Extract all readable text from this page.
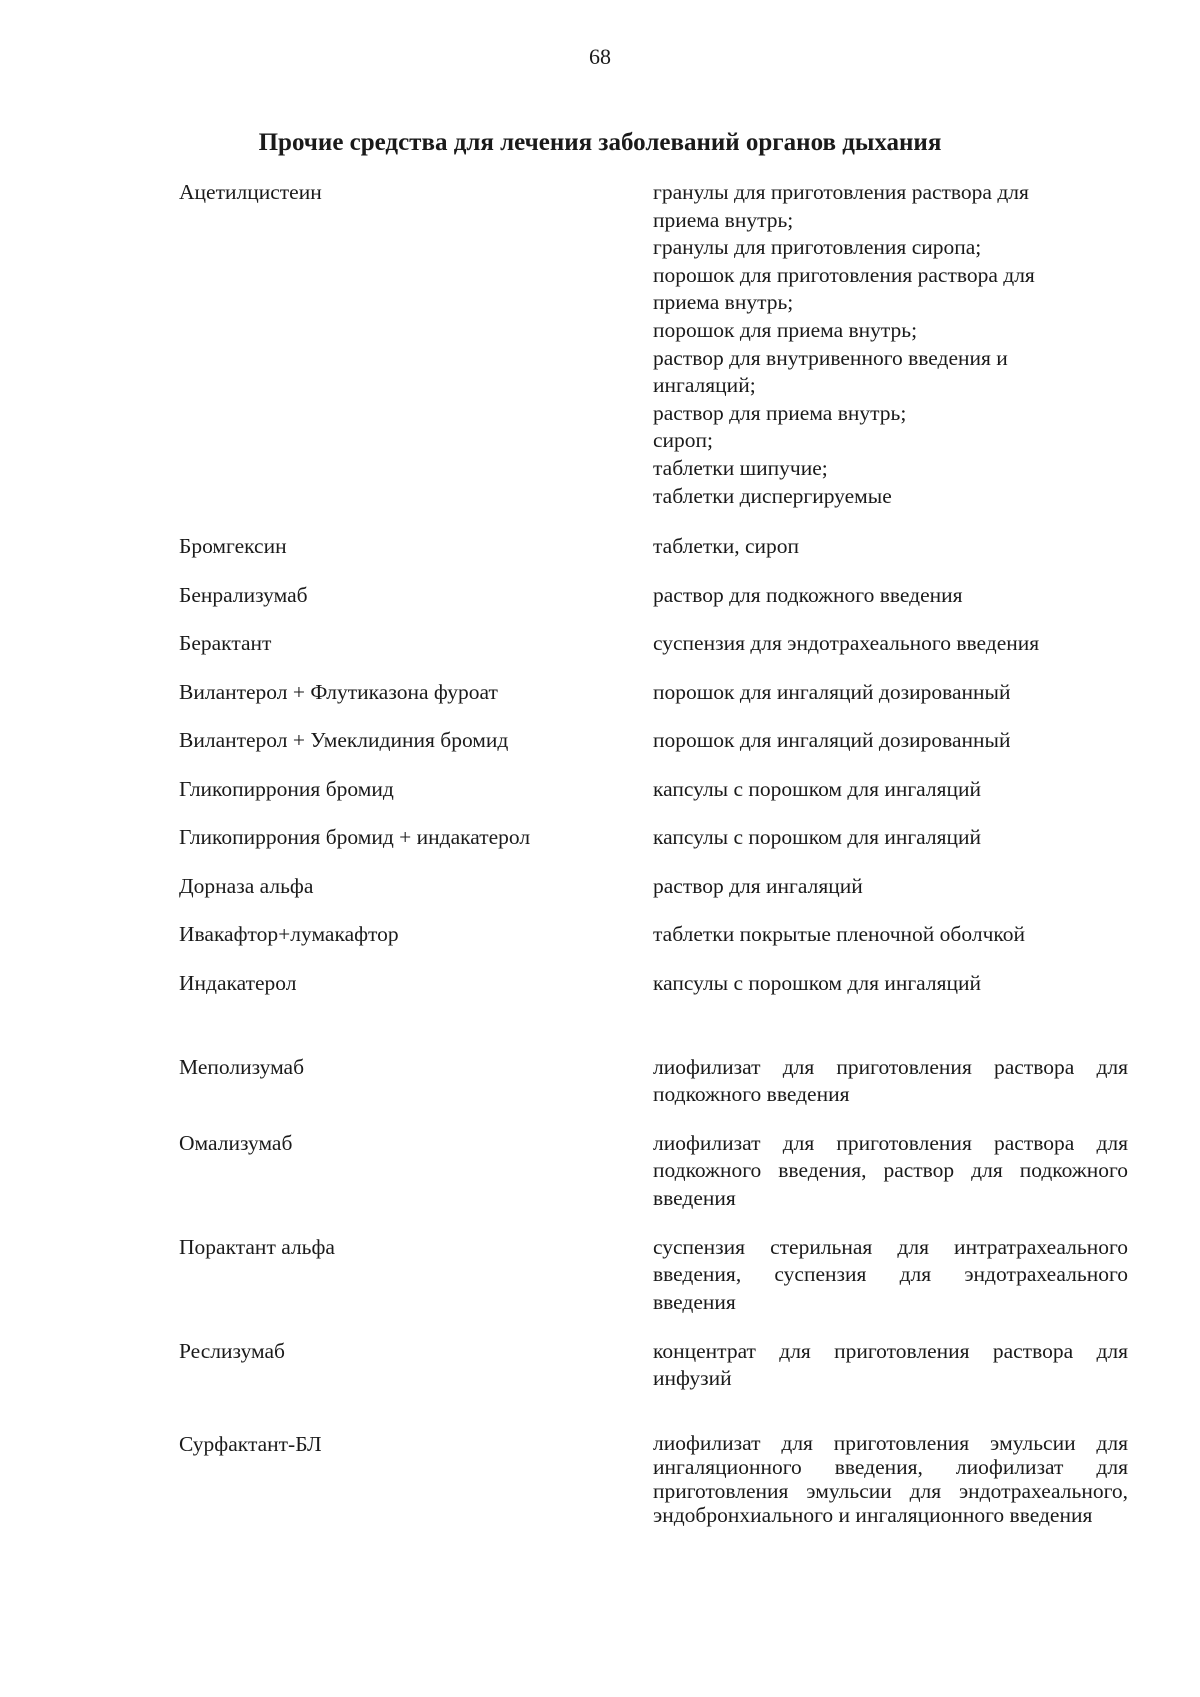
68
Прочие средства для лечения заболеваний органов дыхания
Ацетилцистеин	гранулы для приготовления раствора для
приема внутрь;
гранулы для приготовления сиропа;
порошок для приготовления раствора для
приема внутрь;
порошок для приема внутрь;
раствор для внутривенного введения и
ингаляций;
раствор для приема внутрь;
сироп;
таблетки шипучие;
таблетки диспергируемые
Бромгексин	таблетки, сироп
Бенрализумаб	раствор для подкожного введения
Берактант	суспензия для эндотрахеального введения
Вилантерол + Флутиказона фуроат	порошок для ингаляций дозированный
Вилантерол + Умеклидиния бромид	порошок для ингаляций дозированный
Гликопиррония бромид	капсулы с порошком для ингаляций
Гликопиррония бромид + индакатерол	капсулы с порошком для ингаляций
Дорназа альфа	раствор для ингаляций
Ивакафтор+лумакафтор	таблетки покрытые пленочной оболчкой
Индакатерол	капсулы с порошком для ингаляций
Меполизумаб	лиофилизат для приготовления раствора для подкожного введения
Омализумаб	лиофилизат для приготовления раствора для подкожного введения, раствор для подкожного введения
Порактант альфа	суспензия стерильная для интратрахеального введения, суспензия для эндотрахеального введения
Реслизумаб	концентрат для приготовления раствора для инфузий
Сурфактант-БЛ	лиофилизат для приготовления эмульсии для ингаляционного введения, лиофилизат для приготовления эмульсии для эндотрахеального, эндобронхиального и ингаляционного введения
